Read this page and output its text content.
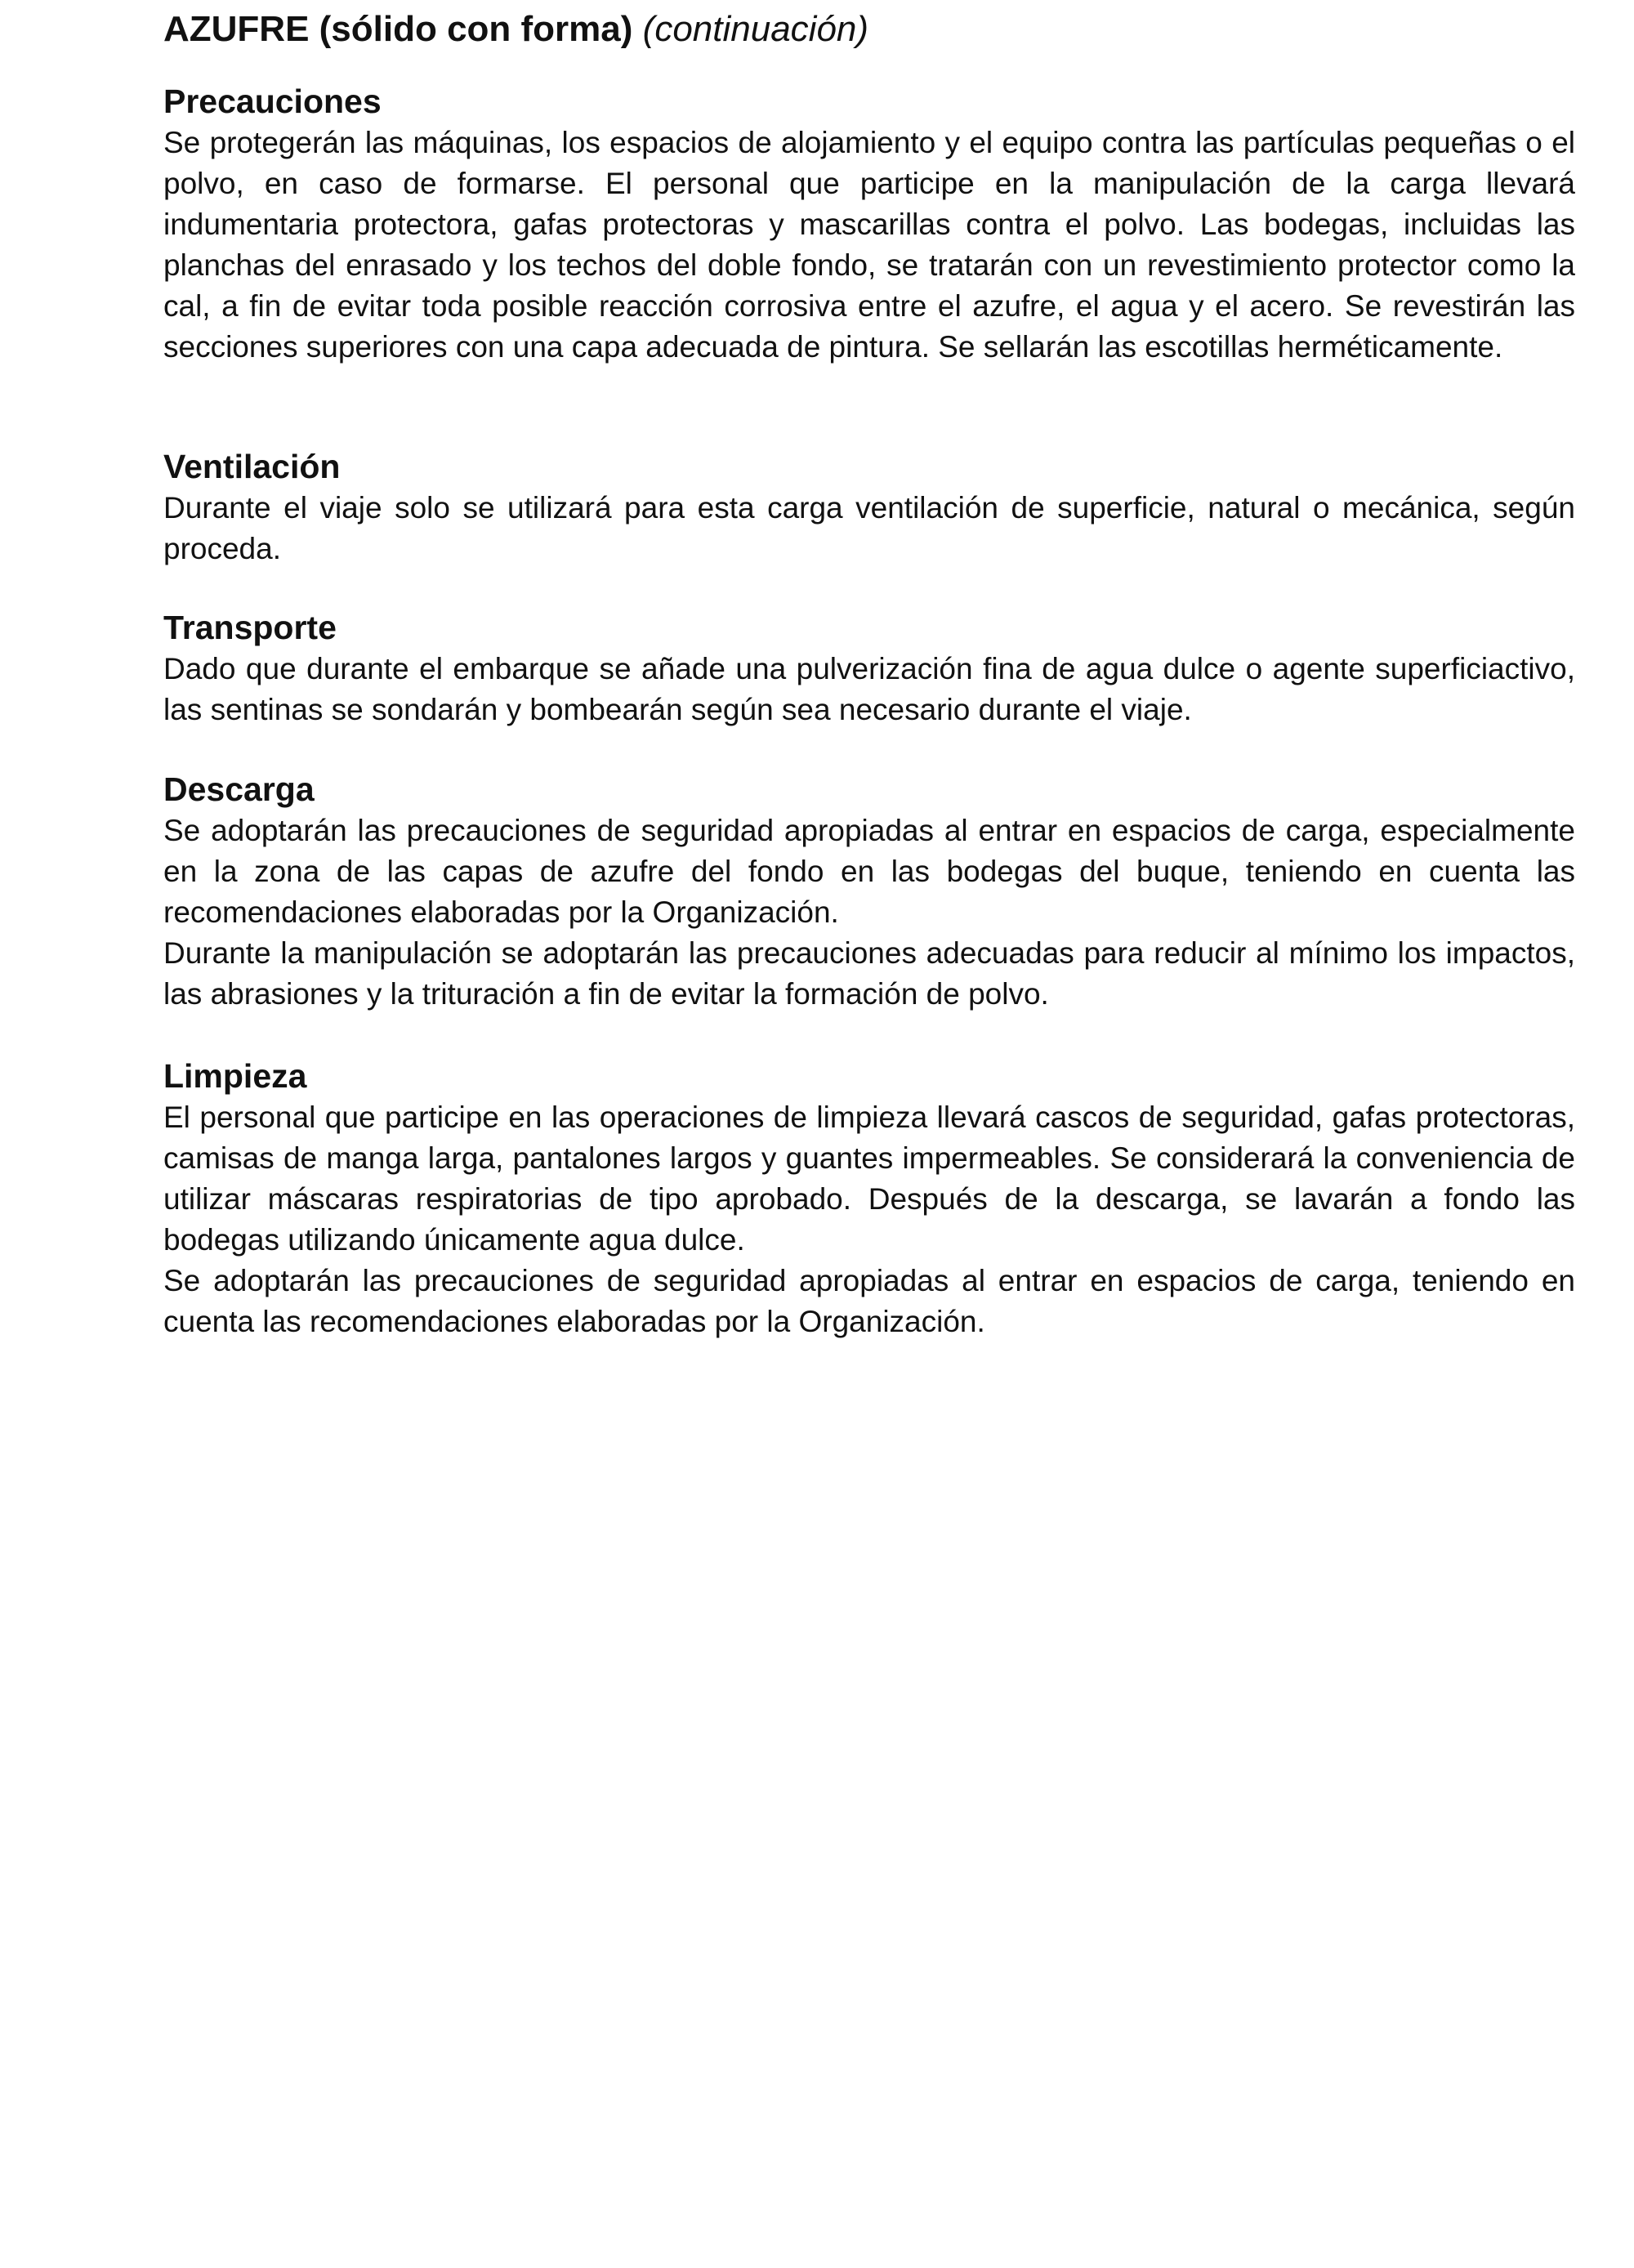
AZUFRE (sólido con forma) (continuación)
Precauciones

Se protegerán las máquinas, los espacios de alojamiento y el equipo contra las partículas pequeñas o el polvo, en caso de formarse. El personal que participe en la manipulación de la carga llevará indumentaria protectora, gafas protectoras y mascarillas contra el polvo. Las bodegas, incluidas las planchas del enrasado y los techos del doble fondo, se tratarán con un revestimiento protector como la cal, a fin de evitar toda posible reacción corrosiva entre el azufre, el agua y el acero. Se revestirán las secciones superiores con una capa adecuada de pintura. Se sellarán las escotillas herméticamente.

Ventilación

Durante el viaje solo se utilizará para esta carga ventilación de superficie, natural o mecánica, según proceda.

Transporte

Dado que durante el embarque se añade una pulverización fina de agua dulce o agente superficiactivo, las sentinas se sondarán y bombearán según sea necesario durante el viaje.

Descarga

Se adoptarán las precauciones de seguridad apropiadas al entrar en espacios de carga, especialmente en la zona de las capas de azufre del fondo en las bodegas del buque, teniendo en cuenta las recomendaciones elaboradas por la Organización.

Durante la manipulación se adoptarán las precauciones adecuadas para reducir al mínimo los impactos, las abrasiones y la trituración a fin de evitar la formación de polvo.

Limpieza

El personal que participe en las operaciones de limpieza llevará cascos de seguridad, gafas protectoras, camisas de manga larga, pantalones largos y guantes impermeables. Se considerará la conveniencia de utilizar máscaras respiratorias de tipo aprobado. Después de la descarga, se lavarán a fondo las bodegas utilizando únicamente agua dulce.

Se adoptarán las precauciones de seguridad apropiadas al entrar en espacios de carga, teniendo en cuenta las recomendaciones elaboradas por la Organización.
